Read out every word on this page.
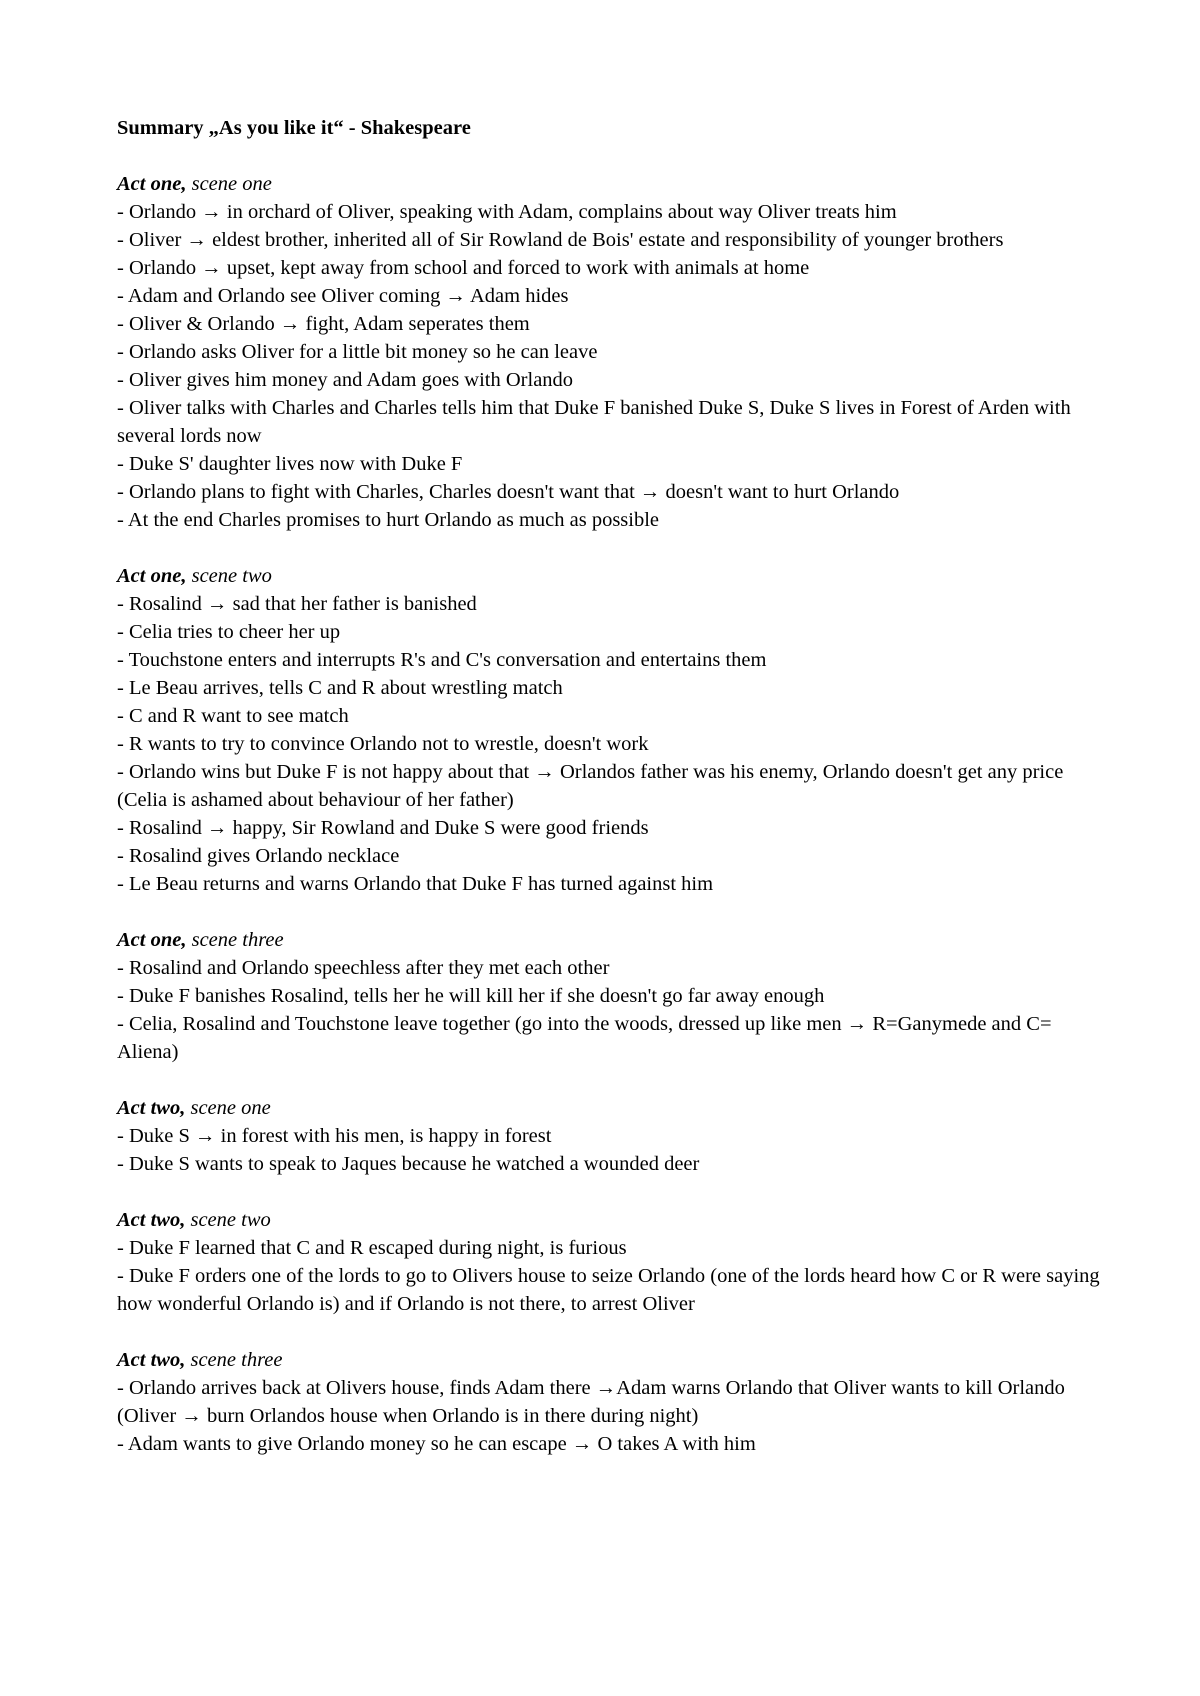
Summary „As you like it“ - Shakespeare
Act one, scene one
- Orlando → in orchard of Oliver, speaking with Adam, complains about way Oliver treats him
- Oliver → eldest brother, inherited all of Sir Rowland de Bois' estate and responsibility of younger brothers
- Orlando → upset, kept away from school and forced to work with animals at home
- Adam and Orlando see Oliver coming → Adam hides
- Oliver & Orlando → fight, Adam seperates them
- Orlando asks Oliver for a little bit money so he can leave
- Oliver gives him money and Adam goes with Orlando
- Oliver talks with Charles and Charles tells him that Duke F banished Duke S, Duke S lives in Forest of Arden with several lords now
- Duke S' daughter lives now with Duke F
- Orlando plans to fight with Charles, Charles doesn't want that → doesn't want to hurt Orlando
- At the end Charles promises to hurt Orlando as much as possible
Act one, scene two
- Rosalind → sad that her father is banished
- Celia tries to cheer her up
- Touchstone enters and interrupts R's and C's conversation and entertains them
- Le Beau arrives, tells C and R about wrestling match
- C and R want to see match
- R wants to try to convince Orlando not to wrestle, doesn't work
- Orlando wins but Duke F is not happy about that → Orlandos father was his enemy, Orlando doesn't get any price (Celia is ashamed about behaviour of her father)
- Rosalind → happy, Sir Rowland and Duke S were good friends
- Rosalind gives Orlando necklace
- Le Beau returns and warns Orlando that Duke F has turned against him
Act one, scene three
- Rosalind and Orlando speechless after they met each other
- Duke F banishes Rosalind, tells her he will kill her if she doesn't go far away enough
- Celia, Rosalind and Touchstone leave together (go into the woods, dressed up like men → R=Ganymede and C= Aliena)
Act two, scene one
- Duke S → in forest with his men, is happy in forest
- Duke S wants to speak to Jaques because he watched a wounded deer
Act two, scene two
- Duke F learned that C and R escaped during night, is furious
- Duke F orders one of the lords to go to Olivers house to seize Orlando (one of the lords heard how C or R were saying how wonderful Orlando is) and if Orlando is not there, to arrest Oliver
Act two, scene three
- Orlando arrives back at Olivers house, finds Adam there →Adam warns Orlando that Oliver wants to kill Orlando (Oliver → burn Orlandos house when Orlando is in there during night)
- Adam wants to give Orlando money so he can escape → O takes A with him
